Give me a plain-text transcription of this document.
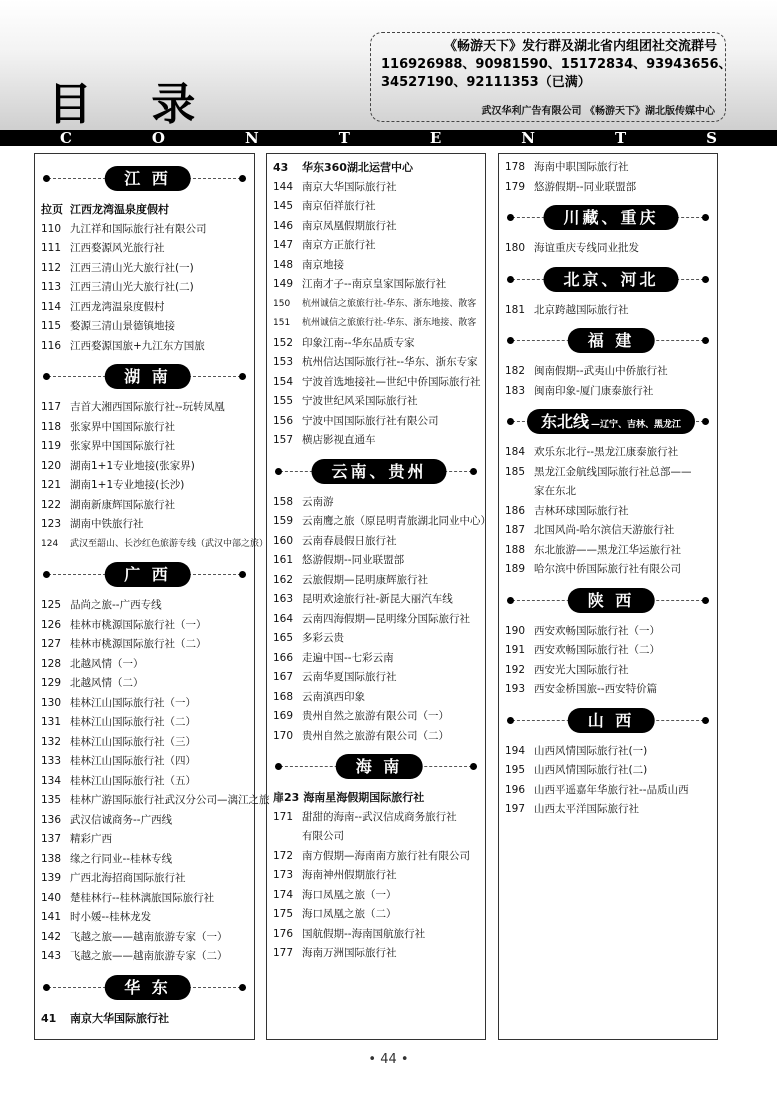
目 录
《畅游天下》发行群及湖北省内组团社交流群号
116926988、90981590、15172834、93943656、
34527190、92111353（已满）
武汉华利广告有限公司 《畅游天下》湖北版传媒中心
C	O	N	T	E	N	T	S
江 西
拉页 江西龙湾温泉度假村
110 九江祥和国际旅行社有限公司
111 江西婺源风光旅行社
112 江西三清山光大旅行社(一)
113 江西三清山光大旅行社(二)
114 江西龙湾温泉度假村
115 婺源三清山景德镇地接
116 江西婺源国旅+九江东方国旅
湖 南
117 吉首大湘西国际旅行社--玩转凤凰
118 张家界中国国际旅行社
119 张家界中国国际旅行社
120 湖南1+1专业地接(张家界)
121 湖南1+1专业地接(长沙)
122 湖南新康辉国际旅行社
123 湖南中铁旅行社
124 武汉至韶山、长沙红色旅游专线（武汉中部之旅）
广 西
125 品尚之旅--广西专线
126 桂林市桃源国际旅行社（一）
127 桂林市桃源国际旅行社（二）
128 北越风情（一）
129 北越风情（二）
130 桂林江山国际旅行社（一）
131 桂林江山国际旅行社（二）
132 桂林江山国际旅行社（三）
133 桂林江山国际旅行社（四）
134 桂林江山国际旅行社（五）
135 桂林广游国际旅行社武汉分公司—漓江之旅
136 武汉信诚商务--广西线
137 精彩广西
138 缘之行同业--桂林专线
139 广西北海招商国际旅行社
140 楚桂林行--桂林漓旅国际旅行社
141 时小媛--桂林龙发
142 飞越之旅——越南旅游专家（一）
143 飞越之旅——越南旅游专家（二）
华 东
41 南京大华国际旅行社
43 华东360湖北运营中心
144 南京大华国际旅行社
145 南京佰祥旅行社
146 南京凤凰假期旅行社
147 南京方正旅行社
148 南京地接
149 江南才子--南京皇家国际旅行社
150 杭州诚信之旅旅行社-华东、浙东地接、散客
151 杭州诚信之旅旅行社-华东、浙东地接、散客
152 印象江南--华东品质专家
153 杭州信达国际旅行社--华东、浙东专家
154 宁波首选地接社—世纪中侨国际旅行社
155 宁波世纪风采国际旅行社
156 宁波中国国际旅行社有限公司
157 横店影视直通车
云南、贵州
158 云南游
159 云南鹰之旅（原昆明青旅湖北同业中心）
160 云南春晨假日旅行社
161 悠游假期--同业联盟部
162 云旅假期—昆明康辉旅行社
163 昆明欢途旅行社-新昆大丽汽车线
164 云南四海假期—昆明缘分国际旅行社
165 多彩云贵
166 走遍中国--七彩云南
167 云南华夏国际旅行社
168 云南滇西印象
169 贵州自然之旅游有限公司（一）
170 贵州自然之旅游有限公司（二）
海 南
扉23 海南星海假期国际旅行社
171 甜甜的海南--武汉信成商务旅行社
有限公司
172 南方假期—海南南方旅行社有限公司
173 海南神州假期旅行社
174 海口凤凰之旅（一）
175 海口凤凰之旅（二）
176 国航假期--海南国航旅行社
177 海南万洲国际旅行社
178 海南中职国际旅行社
179 悠游假期--同业联盟部
川藏、重庆
180 海谊重庆专线同业批发
北京、河北
181 北京跨越国际旅行社
福 建
182 闽南假期--武夷山中侨旅行社
183 闽南印象-厦门康泰旅行社
东北线 —辽宁、吉林、黑龙江
184 欢乐东北行--黑龙江康泰旅行社
185 黑龙江金航线国际旅行社总部——
家在东北
186 吉林环球国际旅行社
187 北国风尚-哈尔滨信天游旅行社
188 东北旅游——黑龙江华运旅行社
189 哈尔滨中侨国际旅行社有限公司
陕 西
190 西安欢畅国际旅行社（一）
191 西安欢畅国际旅行社（二）
192 西安光大国际旅行社
193 西安金桥国旅--西安特价篇
山 西
194 山西风情国际旅行社(一)
195 山西风情国际旅行社(二)
196 山西平遥嘉年华旅行社--品质山西
197 山西太平洋国际旅行社
• 44 •
